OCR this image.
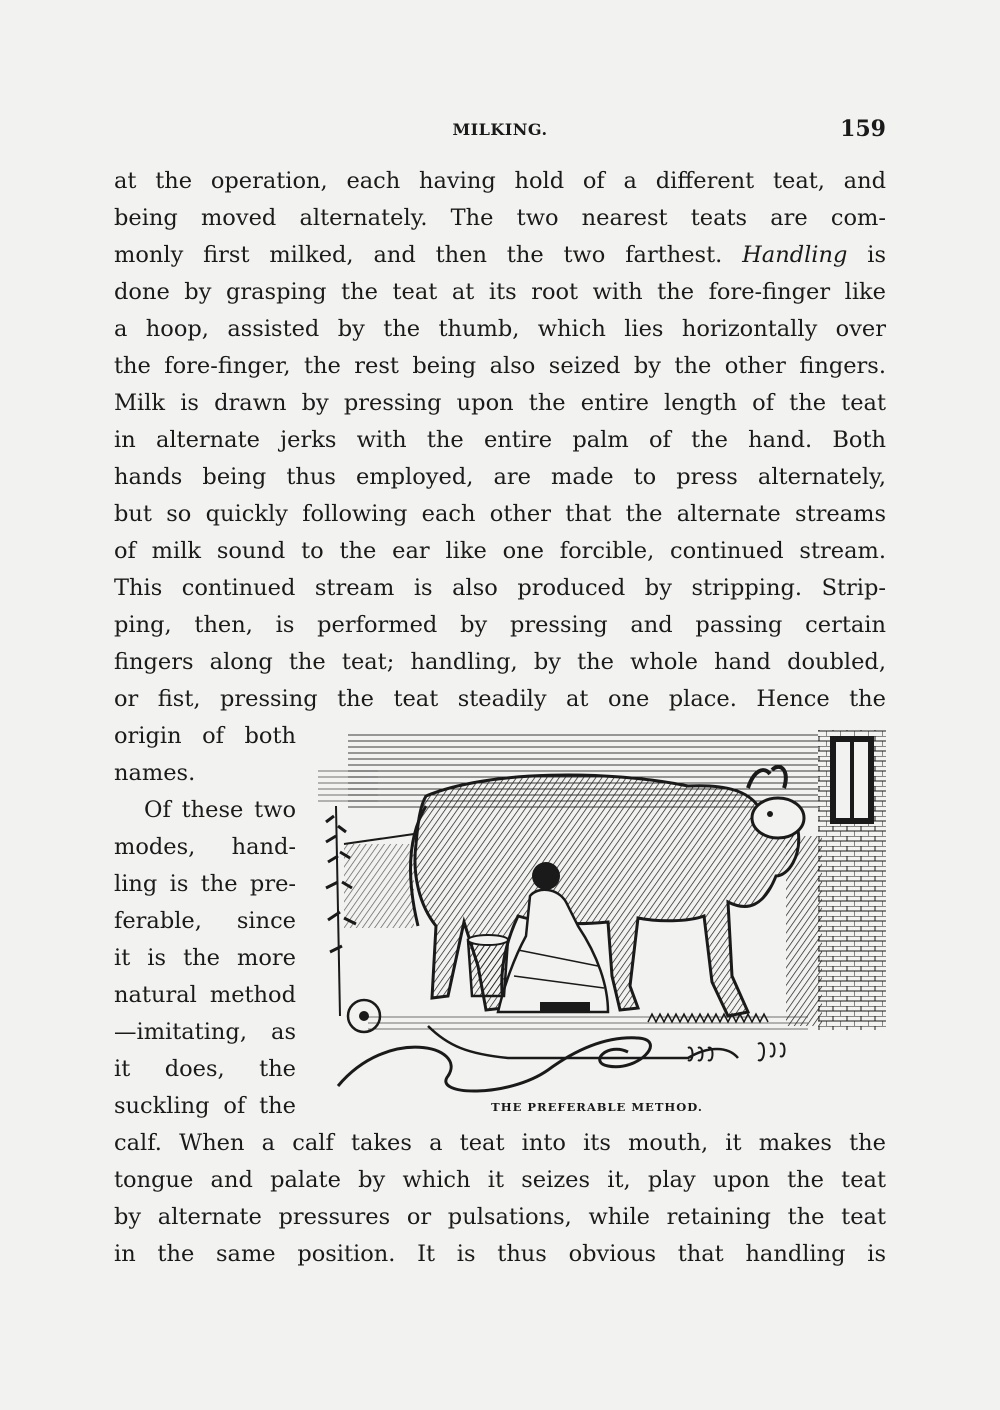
MILKING.	159
at the operation, each having hold of a different teat, and
being moved alternately. The two nearest teats are com-
monly first milked, and then the two farthest. Handling is
done by grasping the teat at its root with the fore-finger like
a hoop, assisted by the thumb, which lies horizontally over
the fore-finger, the rest being also seized by the other fingers.
Milk is drawn by pressing upon the entire length of the teat
in alternate jerks with the entire palm of the hand. Both
hands being thus employed, are made to press alternately,
but so quickly following each other that the alternate streams
of milk sound to the ear like one forcible, continued stream.
This continued stream is also produced by stripping. Strip-
ping, then, is performed by pressing and passing certain
fingers along the teat; handling, by the whole hand doubled,
or fist, pressing the teat steadily at one place. Hence the
origin of both
names.
Of these two
modes, hand-
ling is the pre-
ferable, since
it is the more
natural method
—imitating, as
it does, the
suckling of the	THE PREFERABLE METHOD.
calf. When a calf takes a teat into its mouth, it makes the
tongue and palate by which it seizes it, play upon the teat
by alternate pressures or pulsations, while retaining the teat
in the same position. It is thus obvious that handling is
